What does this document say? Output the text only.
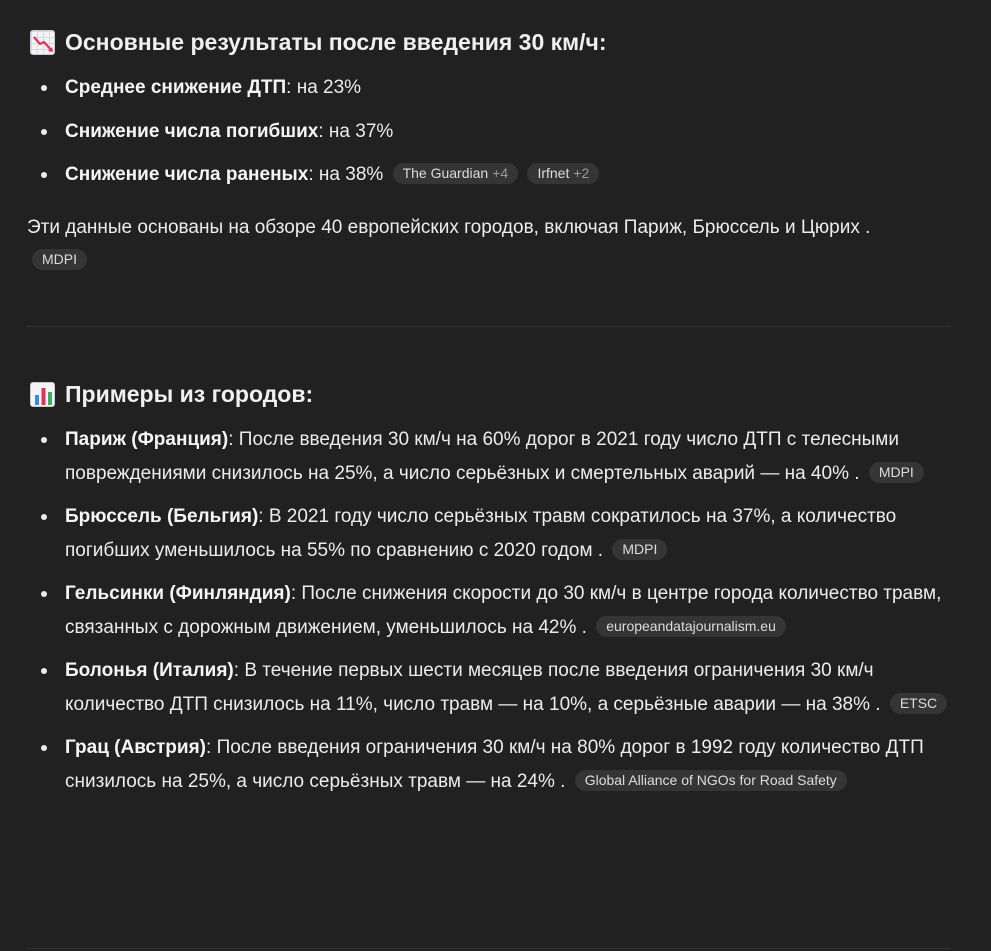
Основные результаты после введения 30 км/ч:
Среднее снижение ДТП: на 23%
Снижение числа погибших: на 37%
Снижение числа раненых: на 38% The Guardian +4 Irfnet +2

Эти данные основаны на обзоре 40 европейских городов, включая Париж, Брюссель и Цюрих .
MDPI

Примеры из городов:
Париж (Франция): После введения 30 км/ч на 60% дорог в 2021 году число ДТП с телесными повреждениями снизилось на 25%, а число серьёзных и смертельных аварий — на 40% . MDPI
Брюссель (Бельгия): В 2021 году число серьёзных травм сократилось на 37%, а количество погибших уменьшилось на 55% по сравнению с 2020 годом . MDPI
Гельсинки (Финляндия): После снижения скорости до 30 км/ч в центре города количество травм, связанных с дорожным движением, уменьшилось на 42% . europeandatajournalism.eu
Болонья (Италия): В течение первых шести месяцев после введения ограничения 30 км/ч количество ДТП снизилось на 11%, число травм — на 10%, а серьёзные аварии — на 38% . ETSC
Грац (Австрия): После введения ограничения 30 км/ч на 80% дорог в 1992 году количество ДТП снизилось на 25%, а число серьёзных травм — на 24% . Global Alliance of NGOs for Road Safety
